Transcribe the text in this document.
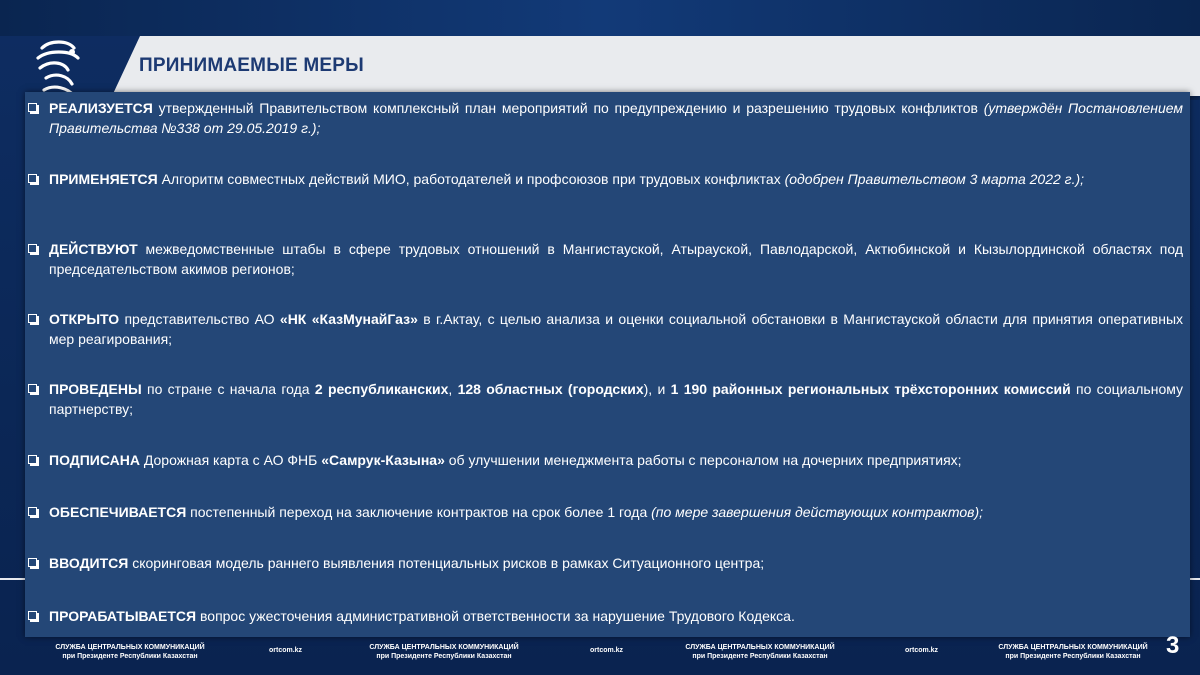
ПРИНИМАЕМЫЕ МЕРЫ
РЕАЛИЗУЕТСЯ утвержденный Правительством комплексный план мероприятий по предупреждению и разрешению трудовых конфликтов (утверждён Постановлением Правительства №338 от 29.05.2019 г.);
ПРИМЕНЯЕТСЯ Алгоритм совместных действий МИО, работодателей и профсоюзов при трудовых конфликтах (одобрен Правительством 3 марта 2022 г.);
ДЕЙСТВУЮТ межведомственные штабы в сфере трудовых отношений в Мангистауской, Атырауской, Павлодарской, Актюбинской и Кызылординской областях под председательством акимов регионов;
ОТКРЫТО представительство АО «НК «КазМунайГаз» в г.Актау, с целью анализа и оценки социальной обстановки в Мангистауской области для принятия оперативных мер реагирования;
ПРОВЕДЕНЫ по стране с начала года 2 республиканских, 128 областных (городских), и 1 190 районных региональных трёхсторонних комиссий по социальному партнерству;
ПОДПИСАНА Дорожная карта с АО ФНБ «Самрук-Казына» об улучшении менеджмента работы с персоналом на дочерних предприятиях;
ОБЕСПЕЧИВАЕТСЯ постепенный переход на заключение контрактов на срок более 1 года (по мере завершения действующих контрактов);
ВВОДИТСЯ скоринговая модель раннего выявления потенциальных рисков в рамках Ситуационного центра;
ПРОРАБАТЫВАЕТСЯ вопрос ужесточения административной ответственности за нарушение Трудового Кодекса.
СЛУЖБА ЦЕНТРАЛЬНЫХ КОММУНИКАЦИЙ
при Президенте Республики Казахстан
ortcom.kz	СЛУЖБА ЦЕНТРАЛЬНЫХ КОММУНИКАЦИЙ
при Президенте Республики Казахстан
ortcom.kz	СЛУЖБА ЦЕНТРАЛЬНЫХ КОММУНИКАЦИЙ
при Президенте Республики Казахстан
ortcom.kz	СЛУЖБА ЦЕНТРАЛЬНЫХ КОММУНИКАЦИЙ
при Президенте Республики Казахстан	3
